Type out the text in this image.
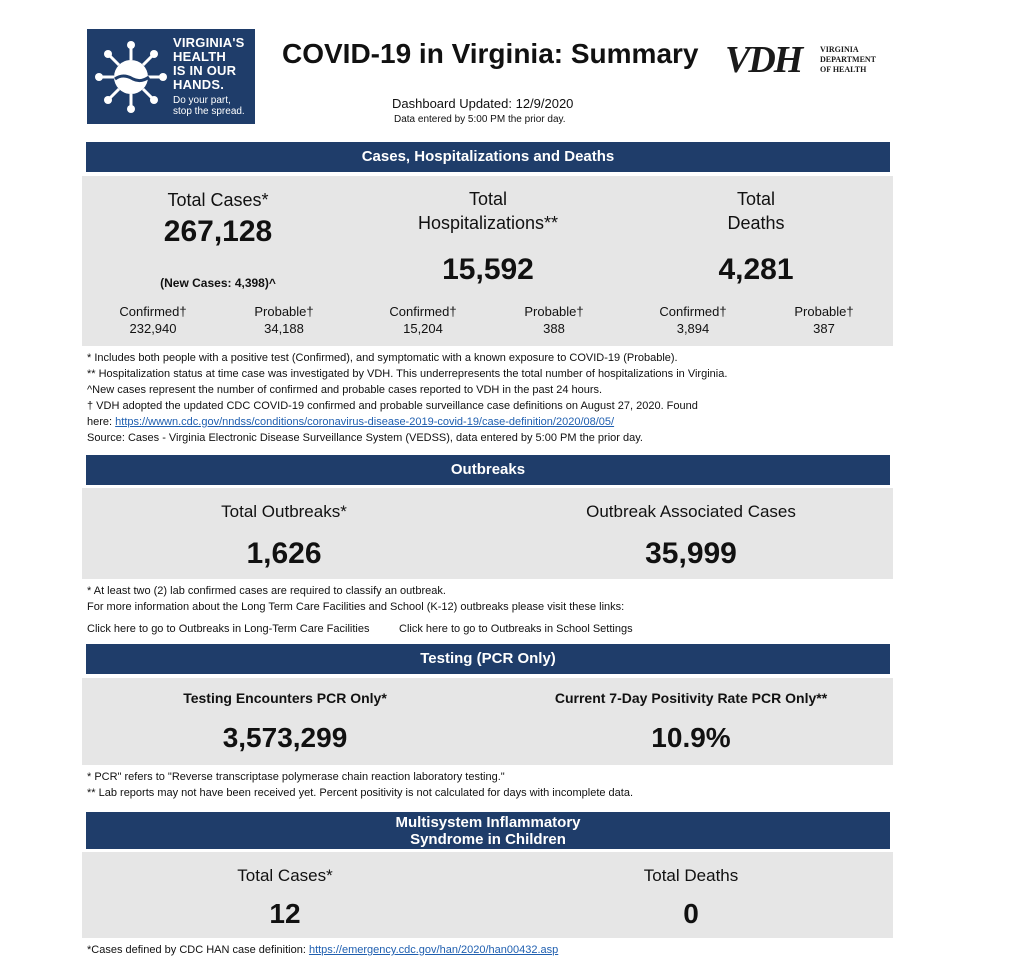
VIRGINIA'S
HEALTH
IS IN OUR
HANDS.
Do your part,
stop the spread.
COVID-19 in Virginia: Summary VDH VIRGINIA
DEPARTMENT
OF HEALTH
Dashboard Updated: 12/9/2020
Data entered by 5:00 PM the prior day.
Cases, Hospitalizations and Deaths
Total Cases*
267,128
(New Cases: 4,398)^
Total
Hospitalizations**
15,592
Total
Deaths
4,281
Confirmed†
232,940
Probable†
34,188
Confirmed†
15,204
Probable†
388
Confirmed†
3,894
Probable†
387
* Includes both people with a positive test (Confirmed), and symptomatic with a known exposure to COVID-19 (Probable).
** Hospitalization status at time case was investigated by VDH. This underrepresents the total number of hospitalizations in Virginia.
^New cases represent the number of confirmed and probable cases reported to VDH in the past 24 hours.
† VDH adopted the updated CDC COVID-19 confirmed and probable surveillance case definitions on August 27, 2020. Found
here: https://wwwn.cdc.gov/nndss/conditions/coronavirus-disease-2019-covid-19/case-definition/2020/08/05/
Source: Cases - Virginia Electronic Disease Surveillance System (VEDSS), data entered by 5:00 PM the prior day.
Outbreaks
Total Outbreaks*
1,626
Outbreak Associated Cases
35,999
* At least two (2) lab confirmed cases are required to classify an outbreak.
For more information about the Long Term Care Facilities and School (K-12) outbreaks please visit these links:
Click here to go to Outbreaks in Long-Term Care Facilities	Click here to go to Outbreaks in School Settings
Testing (PCR Only)
Testing Encounters PCR Only*
3,573,299
Current 7-Day Positivity Rate PCR Only**
10.9%
* PCR" refers to "Reverse transcriptase polymerase chain reaction laboratory testing."
** Lab reports may not have been received yet. Percent positivity is not calculated for days with incomplete data.
Multisystem Inflammatory
Syndrome in Children
Total Cases*
12
Total Deaths
0
*Cases defined by CDC HAN case definition: https://emergency.cdc.gov/han/2020/han00432.asp
